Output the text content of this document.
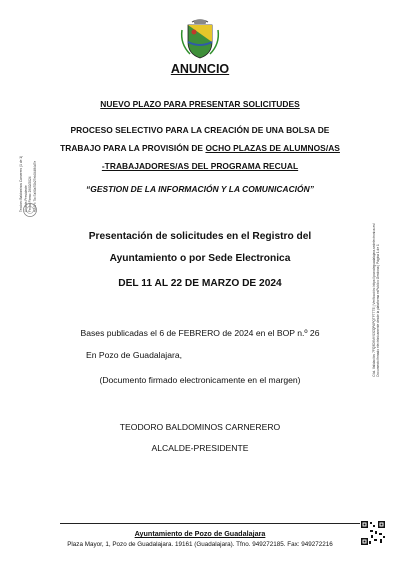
ANUNCIO
NUEVO PLAZO PARA PRESENTAR SOLICITUDES
PROCESO SELECTIVO PARA LA CREACIÓN DE UNA BOLSA DE
TRABAJO PARA LA PROVISIÓN DE OCHO PLAZAS DE ALUMNOS/AS
-TRABAJADORES/AS DEL PROGRAMA RECUAL
“GESTION DE LA INFORMACIÓN Y LA COMUNICACIÓN”
Presentación de solicitudes en el Registro del
Ayuntamiento o por Sede Electronica
DEL 11 AL 22 DE MARZO DE 2024
Bases publicadas el 6 de FEBRERO de 2024 en el BOP n.º 26
En Pozo de Guadalajara,
(Documento firmado electronicamente en el margen)
TEODORO BALDOMINOS CARNERERO
ALCALDE-PRESIDENTE
Teodoro Baldominos Carnerero (1 de 1) Alcalde-Presidente Fecha Firma: 29/02/2024 HASH: 7bc7a90a70b27eb04484d7e
Cód. Validación: 7FQ3D9MYS3ZQPAPQTFTTTE | Verificación: https://pozodeguadalajara.sedelectronica.es/ Documento firmado electrónicamente desde la plataforma esPublico Gestiona | Página 1 de 1
Ayuntamiento de Pozo de Guadalajara
Plaza Mayor, 1, Pozo de Guadalajara. 19161 (Guadalajara). Tfno. 949272185. Fax: 949272216
